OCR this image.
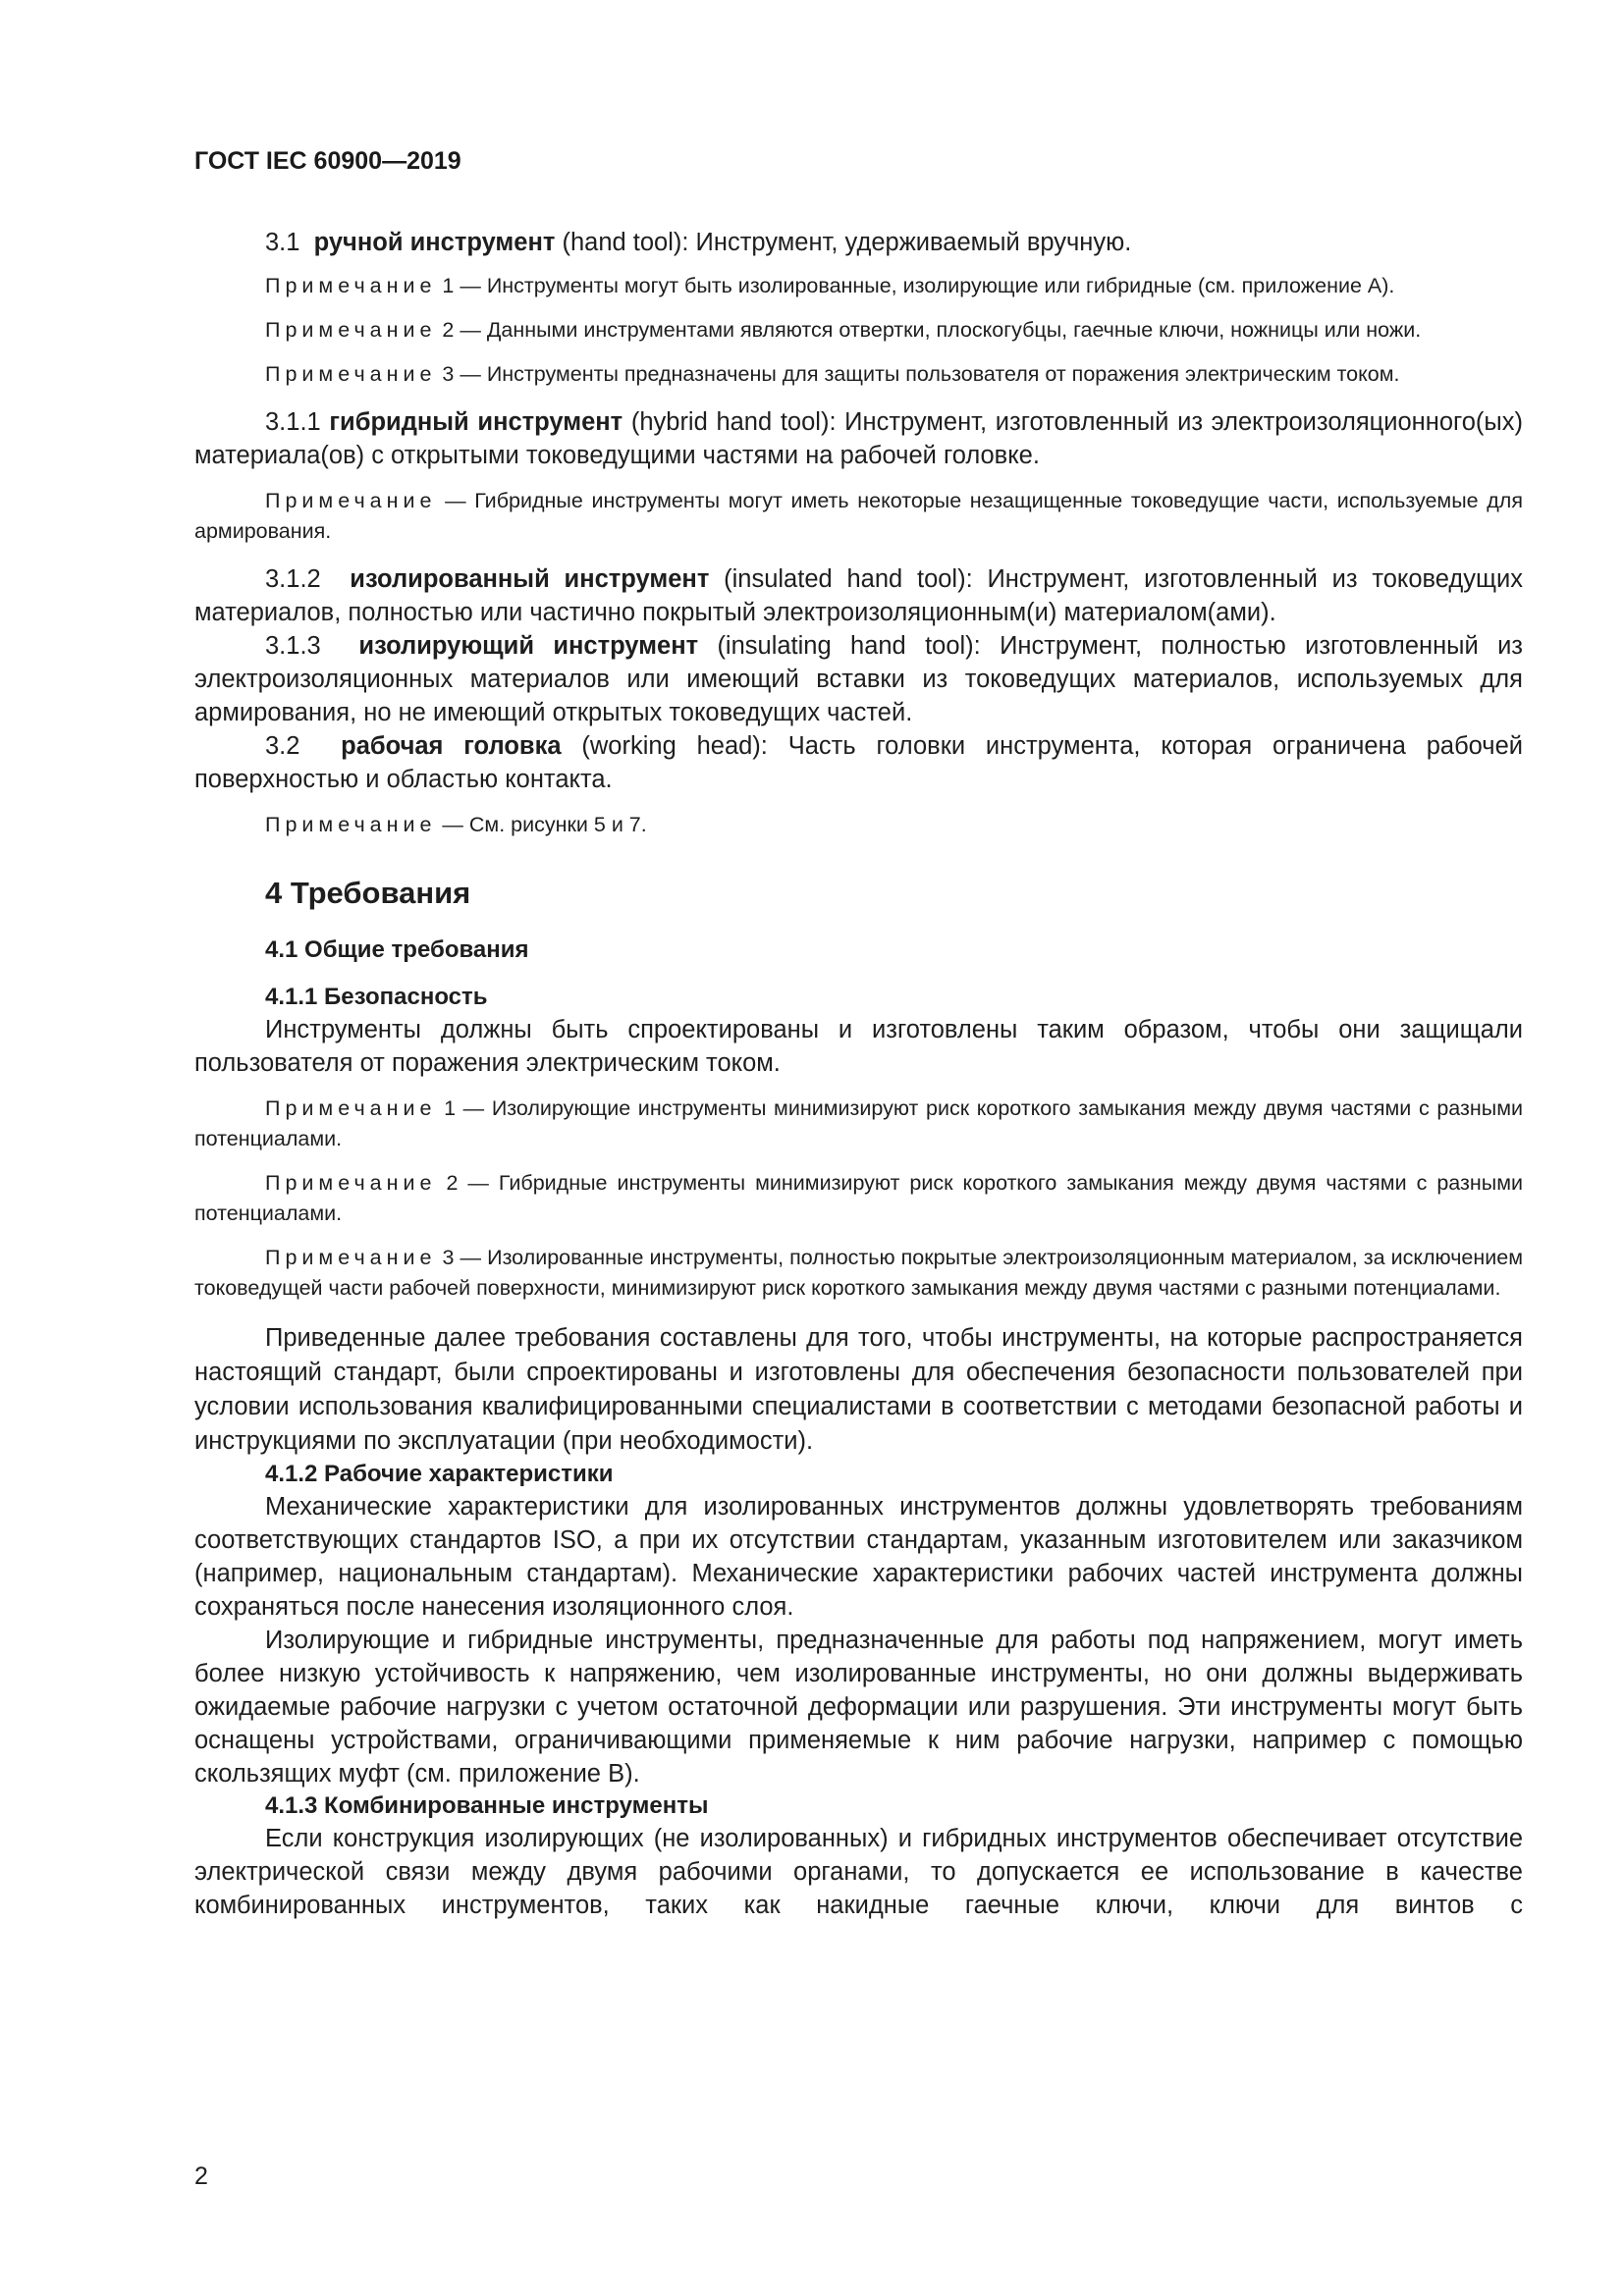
ГОСТ IEC 60900—2019

3.1 ручной инструмент (hand tool): Инструмент, удерживаемый вручную.

Примечание 1 — Инструменты могут быть изолированные, изолирующие или гибридные (см. приложение А).

Примечание 2 — Данными инструментами являются отвертки, плоскогубцы, гаечные ключи, ножницы или ножи.

Примечание 3 — Инструменты предназначены для защиты пользователя от поражения электрическим током.

3.1.1 гибридный инструмент (hybrid hand tool): Инструмент, изготовленный из электроизоляционного(ых) материала(ов) с открытыми токоведущими частями на рабочей головке.

Примечание — Гибридные инструменты могут иметь некоторые незащищенные токоведущие части, используемые для армирования.

3.1.2 изолированный инструмент (insulated hand tool): Инструмент, изготовленный из токоведущих материалов, полностью или частично покрытый электроизоляционным(и) материалом(ами).

3.1.3 изолирующий инструмент (insulating hand tool): Инструмент, полностью изготовленный из электроизоляционных материалов или имеющий вставки из токоведущих материалов, используемых для армирования, но не имеющий открытых токоведущих частей.

3.2 рабочая головка (working head): Часть головки инструмента, которая ограничена рабочей поверхностью и областью контакта.

Примечание — См. рисунки 5 и 7.

4 Требования
4.1 Общие требования
4.1.1 Безопасность

Инструменты должны быть спроектированы и изготовлены таким образом, чтобы они защищали пользователя от поражения электрическим током.

Примечание 1 — Изолирующие инструменты минимизируют риск короткого замыкания между двумя частями с разными потенциалами.

Примечание 2 — Гибридные инструменты минимизируют риск короткого замыкания между двумя частями с разными потенциалами.

Примечание 3 — Изолированные инструменты, полностью покрытые электроизоляционным материалом, за исключением токоведущей части рабочей поверхности, минимизируют риск короткого замыкания между двумя частями с разными потенциалами.

Приведенные далее требования составлены для того, чтобы инструменты, на которые распространяется настоящий стандарт, были спроектированы и изготовлены для обеспечения безопасности пользователей при условии использования квалифицированными специалистами в соответствии с методами безопасной работы и инструкциями по эксплуатации (при необходимости).

4.1.2 Рабочие характеристики

Механические характеристики для изолированных инструментов должны удовлетворять требованиям соответствующих стандартов ISO, а при их отсутствии стандартам, указанным изготовителем или заказчиком (например, национальным стандартам). Механические характеристики рабочих частей инструмента должны сохраняться после нанесения изоляционного слоя.

Изолирующие и гибридные инструменты, предназначенные для работы под напряжением, могут иметь более низкую устойчивость к напряжению, чем изолированные инструменты, но они должны выдерживать ожидаемые рабочие нагрузки с учетом остаточной деформации или разрушения. Эти инструменты могут быть оснащены устройствами, ограничивающими применяемые к ним рабочие нагрузки, например с помощью скользящих муфт (см. приложение В).

4.1.3 Комбинированные инструменты

Если конструкция изолирующих (не изолированных) и гибридных инструментов обеспечивает отсутствие электрической связи между двумя рабочими органами, то допускается ее использование в качестве комбинированных инструментов, таких как накидные гаечные ключи, ключи для винтов с

2
